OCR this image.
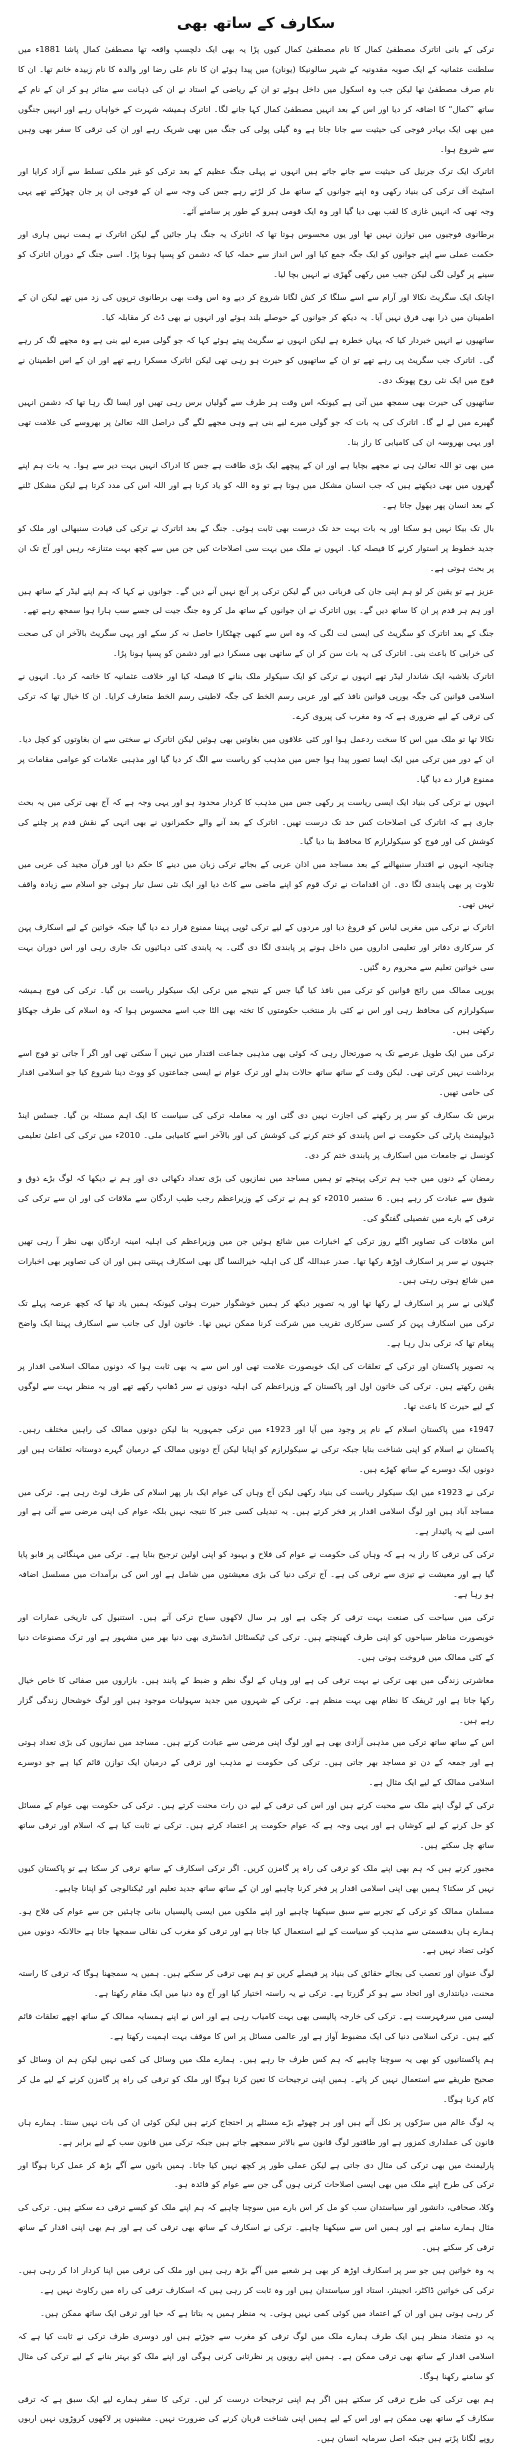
سکارف کے ساتھ بھی

ترکی کے بانی اتاترک مصطفیٰ کمال کا نام مصطفیٰ کمال کیوں پڑا یہ بھی ایک دلچسپ واقعہ تھا مصطفیٰ کمال پاشا 1881ء میں سلطنت عثمانیہ کے ایک صوبہ مقدونیہ کے شہر سالونیکا (یونان) میں پیدا ہوئے ان کا نام علی رضا اور والدہ کا نام زبیدہ خانم تھا۔ ان کا نام صرف مصطفیٰ تھا لیکن جب وہ اسکول میں داخل ہوئے تو ان کے ریاضی کے استاد نے ان کی ذہانت سے متاثر ہو کر ان کے نام کے ساتھ ”کمال“ کا اضافہ کر دیا اور اس کے بعد انہیں مصطفیٰ کمال کہا جانے لگا۔ اتاترک ہمیشہ شہرت کے خواہاں رہے اور انہیں جنگوں میں بھی ایک بہادر فوجی کی حیثیت سے جانا جاتا ہے وہ گیلی پولی کی جنگ میں بھی شریک رہے اور ان کی ترقی کا سفر بھی وہیں سے شروع ہوا۔

اتاترک ایک ترک جرنیل کی حیثیت سے جانے جاتے ہیں انہوں نے پہلی جنگ عظیم کے بعد ترکی کو غیر ملکی تسلط سے آزاد کرایا اور اسٹیٹ آف ترکی کی بنیاد رکھی وہ اپنے جوانوں کے ساتھ مل کر لڑتے رہے جس کی وجہ سے ان کے فوجی ان پر جان چھڑکتے تھے یہی وجہ تھی کہ انہیں غازی کا لقب بھی دیا گیا اور وہ ایک قومی ہیرو کے طور پر سامنے آئے۔

برطانوی فوجیوں میں توازن نہیں تھا اور یوں محسوس ہوتا تھا کہ اتاترک یہ جنگ ہار جائیں گے لیکن اتاترک نے ہمت نہیں ہاری اور حکمت عملی سے اپنے جوانوں کو ایک جگہ جمع کیا اور اس انداز سے حملہ کیا کہ دشمن کو پسپا ہونا پڑا۔ اسی جنگ کے دوران اتاترک کو سینے پر گولی لگی لیکن جیب میں رکھی گھڑی نے انہیں بچا لیا۔

اچانک ایک سگریٹ نکالا اور آرام سے اسے سلگا کر کش لگانا شروع کر دیے وہ اس وقت بھی برطانوی ترپوں کی زد میں تھے لیکن ان کے اطمینان میں ذرا بھی فرق نہیں آیا۔ یہ دیکھ کر جوانوں کے حوصلے بلند ہوئے اور انہوں نے بھی ڈٹ کر مقابلہ کیا۔

ساتھیوں نے انہیں خبردار کیا کہ یہاں خطرہ ہے لیکن انہوں نے سگریٹ پیتے ہوئے کہا کہ جو گولی میرے لیے بنی ہے وہ مجھے لگ کر رہے گی۔ اتاترک جب سگریٹ پی رہے تھے تو ان کے ساتھیوں کو حیرت ہو رہی تھی لیکن اتاترک مسکرا رہے تھے اور ان کے اس اطمینان نے فوج میں ایک نئی روح پھونک دی۔

ساتھیوں کی حیرت بھی سمجھ میں آتی ہے کیونکہ اس وقت ہر طرف سے گولیاں برس رہی تھیں اور ایسا لگ رہا تھا کہ دشمن انہیں گھیرے میں لے لے گا۔ اتاترک کی یہ بات کہ جو گولی میرے لیے بنی ہے وہی مجھے لگے گی دراصل اللہ تعالیٰ پر بھروسے کی علامت تھی اور یہی بھروسہ ان کی کامیابی کا راز بنا۔

میں بھی تو اللہ تعالیٰ ہی نے مجھے بچایا ہے اور ان کے پیچھے ایک بڑی طاقت ہے جس کا ادراک انہیں بہت دیر سے ہوا۔ یہ بات ہم اپنے گھروں میں بھی دیکھتے ہیں کہ جب انسان مشکل میں ہوتا ہے تو وہ اللہ کو یاد کرتا ہے اور اللہ اس کی مدد کرتا ہے لیکن مشکل ٹلنے کے بعد انسان پھر بھول جاتا ہے۔

بال تک بیکا نہیں ہو سکتا اور یہ بات بہت حد تک درست بھی ثابت ہوئی۔ جنگ کے بعد اتاترک نے ترکی کی قیادت سنبھالی اور ملک کو جدید خطوط پر استوار کرنے کا فیصلہ کیا۔ انہوں نے ملک میں بہت سی اصلاحات کیں جن میں سے کچھ بہت متنازعہ رہیں اور آج تک ان پر بحث ہوتی ہے۔

عزیز ہے تو یقین کر لو ہم اپنی جان کی قربانی دیں گے لیکن ترکی پر آنچ نہیں آنے دیں گے۔ جوانوں نے کہا کہ ہم اپنے لیڈر کے ساتھ ہیں اور ہم ہر قدم پر ان کا ساتھ دیں گے۔ یوں اتاترک نے ان جوانوں کے ساتھ مل کر وہ جنگ جیت لی جسے سب ہارا ہوا سمجھ رہے تھے۔

جنگ کے بعد اتاترک کو سگریٹ کی ایسی لت لگی کہ وہ اس سے کبھی چھٹکارا حاصل نہ کر سکے اور یہی سگریٹ بالآخر ان کی صحت کی خرابی کا باعث بنی۔ اتاترک کی یہ بات سن کر ان کے ساتھی بھی مسکرا دیے اور دشمن کو پسپا ہونا پڑا۔

اتاترک بلاشبہ ایک شاندار لیڈر تھے انہوں نے ترکی کو ایک سیکولر ملک بنانے کا فیصلہ کیا اور خلافت عثمانیہ کا خاتمہ کر دیا۔ انہوں نے اسلامی قوانین کی جگہ یورپی قوانین نافذ کیے اور عربی رسم الخط کی جگہ لاطینی رسم الخط متعارف کرایا۔ ان کا خیال تھا کہ ترکی کی ترقی کے لیے ضروری ہے کہ وہ مغرب کی پیروی کرے۔

نکالا تھا تو ملک میں اس کا سخت ردعمل ہوا اور کئی علاقوں میں بغاوتیں بھی ہوئیں لیکن اتاترک نے سختی سے ان بغاوتوں کو کچل دیا۔ ان کے دور میں ترکی میں ایک ایسا تصور پیدا ہوا جس میں مذہب کو ریاست سے الگ کر دیا گیا اور مذہبی علامات کو عوامی مقامات پر ممنوع قرار دے دیا گیا۔

انہوں نے ترکی کی بنیاد ایک ایسی ریاست پر رکھی جس میں مذہب کا کردار محدود ہو اور یہی وجہ ہے کہ آج بھی ترکی میں یہ بحث جاری ہے کہ اتاترک کی اصلاحات کس حد تک درست تھیں۔ اتاترک کے بعد آنے والے حکمرانوں نے بھی انہی کے نقش قدم پر چلنے کی کوشش کی اور فوج کو سیکولرازم کا محافظ بنا دیا گیا۔

چنانچہ انہوں نے اقتدار سنبھالنے کے بعد مساجد میں اذان عربی کے بجائے ترکی زبان میں دینے کا حکم دیا اور قرآن مجید کی عربی میں تلاوت پر بھی پابندی لگا دی۔ ان اقدامات نے ترک قوم کو اپنے ماضی سے کاٹ دیا اور ایک نئی نسل تیار ہوئی جو اسلام سے زیادہ واقف نہیں تھی۔

اتاترک نے ترکی میں مغربی لباس کو فروغ دیا اور مردوں کے لیے ترکی ٹوپی پہننا ممنوع قرار دے دیا گیا جبکہ خواتین کے لیے اسکارف پہن کر سرکاری دفاتر اور تعلیمی اداروں میں داخل ہونے پر پابندی لگا دی گئی۔ یہ پابندی کئی دہائیوں تک جاری رہی اور اس دوران بہت سی خواتین تعلیم سے محروم رہ گئیں۔

یورپی ممالک میں رائج قوانین کو ترکی میں نافذ کیا گیا جس کے نتیجے میں ترکی ایک سیکولر ریاست بن گیا۔ ترکی کی فوج ہمیشہ سیکولرازم کی محافظ رہی اور اس نے کئی بار منتخب حکومتوں کا تختہ بھی الٹا جب اسے محسوس ہوا کہ وہ اسلام کی طرف جھکاؤ رکھتی ہیں۔

ترکی میں ایک طویل عرصے تک یہ صورتحال رہی کہ کوئی بھی مذہبی جماعت اقتدار میں نہیں آ سکتی تھی اور اگر آ جاتی تو فوج اسے برداشت نہیں کرتی تھی۔ لیکن وقت کے ساتھ ساتھ حالات بدلے اور ترک عوام نے ایسی جماعتوں کو ووٹ دینا شروع کیا جو اسلامی اقدار کی حامی تھیں۔

برس تک سکارف کو سر پر رکھنے کی اجازت نہیں دی گئی اور یہ معاملہ ترکی کی سیاست کا ایک اہم مسئلہ بن گیا۔ جسٹس اینڈ ڈیولپمنٹ پارٹی کی حکومت نے اس پابندی کو ختم کرنے کی کوشش کی اور بالآخر اسے کامیابی ملی۔ 2010ء میں ترکی کی اعلیٰ تعلیمی کونسل نے جامعات میں اسکارف پر پابندی ختم کر دی۔

رمضان کے دنوں میں جب ہم ترکی پہنچے تو ہمیں مساجد میں نمازیوں کی بڑی تعداد دکھائی دی اور ہم نے دیکھا کہ لوگ بڑے ذوق و شوق سے عبادت کر رہے ہیں۔ 6 ستمبر 2010ء کو ہم نے ترکی کے وزیراعظم رجب طیب اردگان سے ملاقات کی اور ان سے ترکی کی ترقی کے بارے میں تفصیلی گفتگو کی۔

اس ملاقات کی تصاویر اگلے روز ترکی کے اخبارات میں شائع ہوئیں جن میں وزیراعظم کی اہلیہ امینہ اردگان بھی نظر آ رہی تھیں جنہوں نے سر پر اسکارف اوڑھ رکھا تھا۔ صدر عبداللہ گل کی اہلیہ خیرالنسا گل بھی اسکارف پہنتی ہیں اور ان کی تصاویر بھی اخبارات میں شائع ہوتی رہتی ہیں۔

گیلانی نے سر پر اسکارف لے رکھا تھا اور یہ تصویر دیکھ کر ہمیں خوشگوار حیرت ہوئی کیونکہ ہمیں یاد تھا کہ کچھ عرصہ پہلے تک ترکی میں اسکارف پہن کر کسی سرکاری تقریب میں شرکت کرنا ممکن نہیں تھا۔ خاتون اول کی جانب سے اسکارف پہننا ایک واضح پیغام تھا کہ ترکی بدل رہا ہے۔

یہ تصویر پاکستان اور ترکی کے تعلقات کی ایک خوبصورت علامت تھی اور اس سے یہ بھی ثابت ہوا کہ دونوں ممالک اسلامی اقدار پر یقین رکھتے ہیں۔ ترکی کی خاتون اول اور پاکستان کے وزیراعظم کی اہلیہ دونوں نے سر ڈھانپ رکھے تھے اور یہ منظر بہت سے لوگوں کے لیے حیرت کا باعث تھا۔

1947ء میں پاکستان اسلام کے نام پر وجود میں آیا اور 1923ء میں ترکی جمہوریہ بنا لیکن دونوں ممالک کی راہیں مختلف رہیں۔ پاکستان نے اسلام کو اپنی شناخت بنایا جبکہ ترکی نے سیکولرازم کو اپنایا لیکن آج دونوں ممالک کے درمیان گہرے دوستانہ تعلقات ہیں اور دونوں ایک دوسرے کے ساتھ کھڑے ہیں۔

ترکی نے 1923ء میں ایک سیکولر ریاست کی بنیاد رکھی لیکن آج وہاں کی عوام ایک بار پھر اسلام کی طرف لوٹ رہی ہے۔ ترکی میں مساجد آباد ہیں اور لوگ اسلامی اقدار پر فخر کرتے ہیں۔ یہ تبدیلی کسی جبر کا نتیجہ نہیں بلکہ عوام کی اپنی مرضی سے آئی ہے اور اسی لیے یہ پائیدار ہے۔

ترکی کی ترقی کا راز یہ ہے کہ وہاں کی حکومت نے عوام کی فلاح و بہبود کو اپنی اولین ترجیح بنایا ہے۔ ترکی میں مہنگائی پر قابو پایا گیا ہے اور معیشت نے تیزی سے ترقی کی ہے۔ آج ترکی دنیا کی بڑی معیشتوں میں شامل ہے اور اس کی برآمدات میں مسلسل اضافہ ہو رہا ہے۔

ترکی میں سیاحت کی صنعت بہت ترقی کر چکی ہے اور ہر سال لاکھوں سیاح ترکی آتے ہیں۔ استنبول کی تاریخی عمارات اور خوبصورت مناظر سیاحوں کو اپنی طرف کھینچتے ہیں۔ ترکی کی ٹیکسٹائل انڈسٹری بھی دنیا بھر میں مشہور ہے اور ترک مصنوعات دنیا کے کئی ممالک میں فروخت ہوتی ہیں۔

معاشرتی زندگی میں بھی ترکی نے بہت ترقی کی ہے اور وہاں کے لوگ نظم و ضبط کے پابند ہیں۔ بازاروں میں صفائی کا خاص خیال رکھا جاتا ہے اور ٹریفک کا نظام بھی بہت منظم ہے۔ ترکی کے شہروں میں جدید سہولیات موجود ہیں اور لوگ خوشحال زندگی گزار رہے ہیں۔

اس کے ساتھ ساتھ ترکی میں مذہبی آزادی بھی ہے اور لوگ اپنی مرضی سے عبادت کرتے ہیں۔ مساجد میں نمازیوں کی بڑی تعداد ہوتی ہے اور جمعہ کے دن تو مساجد بھر جاتی ہیں۔ ترکی کی حکومت نے مذہب اور ترقی کے درمیان ایک توازن قائم کیا ہے جو دوسرے اسلامی ممالک کے لیے ایک مثال ہے۔

ترکی کے لوگ اپنے ملک سے محبت کرتے ہیں اور اس کی ترقی کے لیے دن رات محنت کرتے ہیں۔ ترکی کی حکومت بھی عوام کے مسائل کو حل کرنے کے لیے کوشاں ہے اور یہی وجہ ہے کہ عوام حکومت پر اعتماد کرتے ہیں۔ ترکی نے ثابت کیا ہے کہ اسلام اور ترقی ساتھ ساتھ چل سکتے ہیں۔

مجبور کرتے ہیں کہ ہم بھی اپنے ملک کو ترقی کی راہ پر گامزن کریں۔ اگر ترکی اسکارف کے ساتھ ترقی کر سکتا ہے تو پاکستان کیوں نہیں کر سکتا؟ ہمیں بھی اپنی اسلامی اقدار پر فخر کرنا چاہیے اور ان کے ساتھ ساتھ جدید تعلیم اور ٹیکنالوجی کو اپنانا چاہیے۔

مسلمان ممالک کو ترکی کے تجربے سے سبق سیکھنا چاہیے اور اپنے ملکوں میں ایسی پالیسیاں بنانی چاہئیں جن سے عوام کی فلاح ہو۔ ہمارے ہاں بدقسمتی سے مذہب کو سیاست کے لیے استعمال کیا جاتا ہے اور ترقی کو مغرب کی نقالی سمجھا جاتا ہے حالانکہ دونوں میں کوئی تضاد نہیں ہے۔

لوگ عنوان اور تعصب کی بجائے حقائق کی بنیاد پر فیصلے کریں تو ہم بھی ترقی کر سکتے ہیں۔ ہمیں یہ سمجھنا ہوگا کہ ترقی کا راستہ محنت، دیانتداری اور اتحاد سے ہو کر گزرتا ہے۔ ترکی نے یہ راستہ اختیار کیا اور آج وہ دنیا میں ایک مقام رکھتا ہے۔

لیسی میں سرفہرست ہے۔ ترکی کی خارجہ پالیسی بھی بہت کامیاب رہی ہے اور اس نے اپنے ہمسایہ ممالک کے ساتھ اچھے تعلقات قائم کیے ہیں۔ ترکی اسلامی دنیا کی ایک مضبوط آواز ہے اور عالمی مسائل پر اس کا موقف بہت اہمیت رکھتا ہے۔

ہم پاکستانیوں کو بھی یہ سوچنا چاہیے کہ ہم کس طرف جا رہے ہیں۔ ہمارے ملک میں وسائل کی کمی نہیں لیکن ہم ان وسائل کو صحیح طریقے سے استعمال نہیں کر پاتے۔ ہمیں اپنی ترجیحات کا تعین کرنا ہوگا اور ملک کو ترقی کی راہ پر گامزن کرنے کے لیے مل کر کام کرنا ہوگا۔

یہ لوگ عالم میں سڑکوں پر نکل آتے ہیں اور ہر چھوٹے بڑے مسئلے پر احتجاج کرتے ہیں لیکن کوئی ان کی بات نہیں سنتا۔ ہمارے ہاں قانون کی عملداری کمزور ہے اور طاقتور لوگ قانون سے بالاتر سمجھے جاتے ہیں جبکہ ترکی میں قانون سب کے لیے برابر ہے۔

پارلیمنٹ میں بھی ترکی کی مثال دی جاتی ہے لیکن عملی طور پر کچھ نہیں کیا جاتا۔ ہمیں باتوں سے آگے بڑھ کر عمل کرنا ہوگا اور ترکی کی طرح اپنے ملک میں بھی ایسی اصلاحات کرنی ہوں گی جن سے عوام کو فائدہ ہو۔

وکلا، صحافی، دانشور اور سیاستدان سب کو مل کر اس بارے میں سوچنا چاہیے کہ ہم اپنے ملک کو کیسے ترقی دے سکتے ہیں۔ ترکی کی مثال ہمارے سامنے ہے اور ہمیں اس سے سیکھنا چاہیے۔ ترکی نے اسکارف کے ساتھ بھی ترقی کی ہے اور ہم بھی اپنی اقدار کے ساتھ ترقی کر سکتے ہیں۔

یہ وہ خواتین ہیں جو سر پر اسکارف اوڑھ کر بھی ہر شعبے میں آگے بڑھ رہی ہیں اور ملک کی ترقی میں اپنا کردار ادا کر رہی ہیں۔ ترکی کی خواتین ڈاکٹر، انجینئر، استاد اور سیاستدان ہیں اور وہ ثابت کر رہی ہیں کہ اسکارف ترقی کی راہ میں رکاوٹ نہیں ہے۔

کر رہی ہوتی ہیں اور ان کے اعتماد میں کوئی کمی نہیں ہوتی۔ یہ منظر ہمیں یہ بتاتا ہے کہ حیا اور ترقی ایک ساتھ ممکن ہیں۔

یہ دو متضاد منظر ہیں ایک طرف ہمارے ملک میں لوگ ترقی کو مغرب سے جوڑتے ہیں اور دوسری طرف ترکی نے ثابت کیا ہے کہ اسلامی اقدار کے ساتھ بھی ترقی ممکن ہے۔ ہمیں اپنے رویوں پر نظرثانی کرنی ہوگی اور اپنے ملک کو بہتر بنانے کے لیے ترکی کی مثال کو سامنے رکھنا ہوگا۔

ہم بھی ترکی کی طرح ترقی کر سکتے ہیں اگر ہم اپنی ترجیحات درست کر لیں۔ ترکی کا سفر ہمارے لیے ایک سبق ہے کہ ترقی سکارف کے ساتھ بھی ممکن ہے اور اس کے لیے ہمیں اپنی شناخت قربان کرنے کی ضرورت نہیں۔ مشینوں پر لاکھوں کروڑوں نہیں اربوں روپے لگانا پڑتے ہیں جبکہ اصل سرمایہ انسان ہیں۔
